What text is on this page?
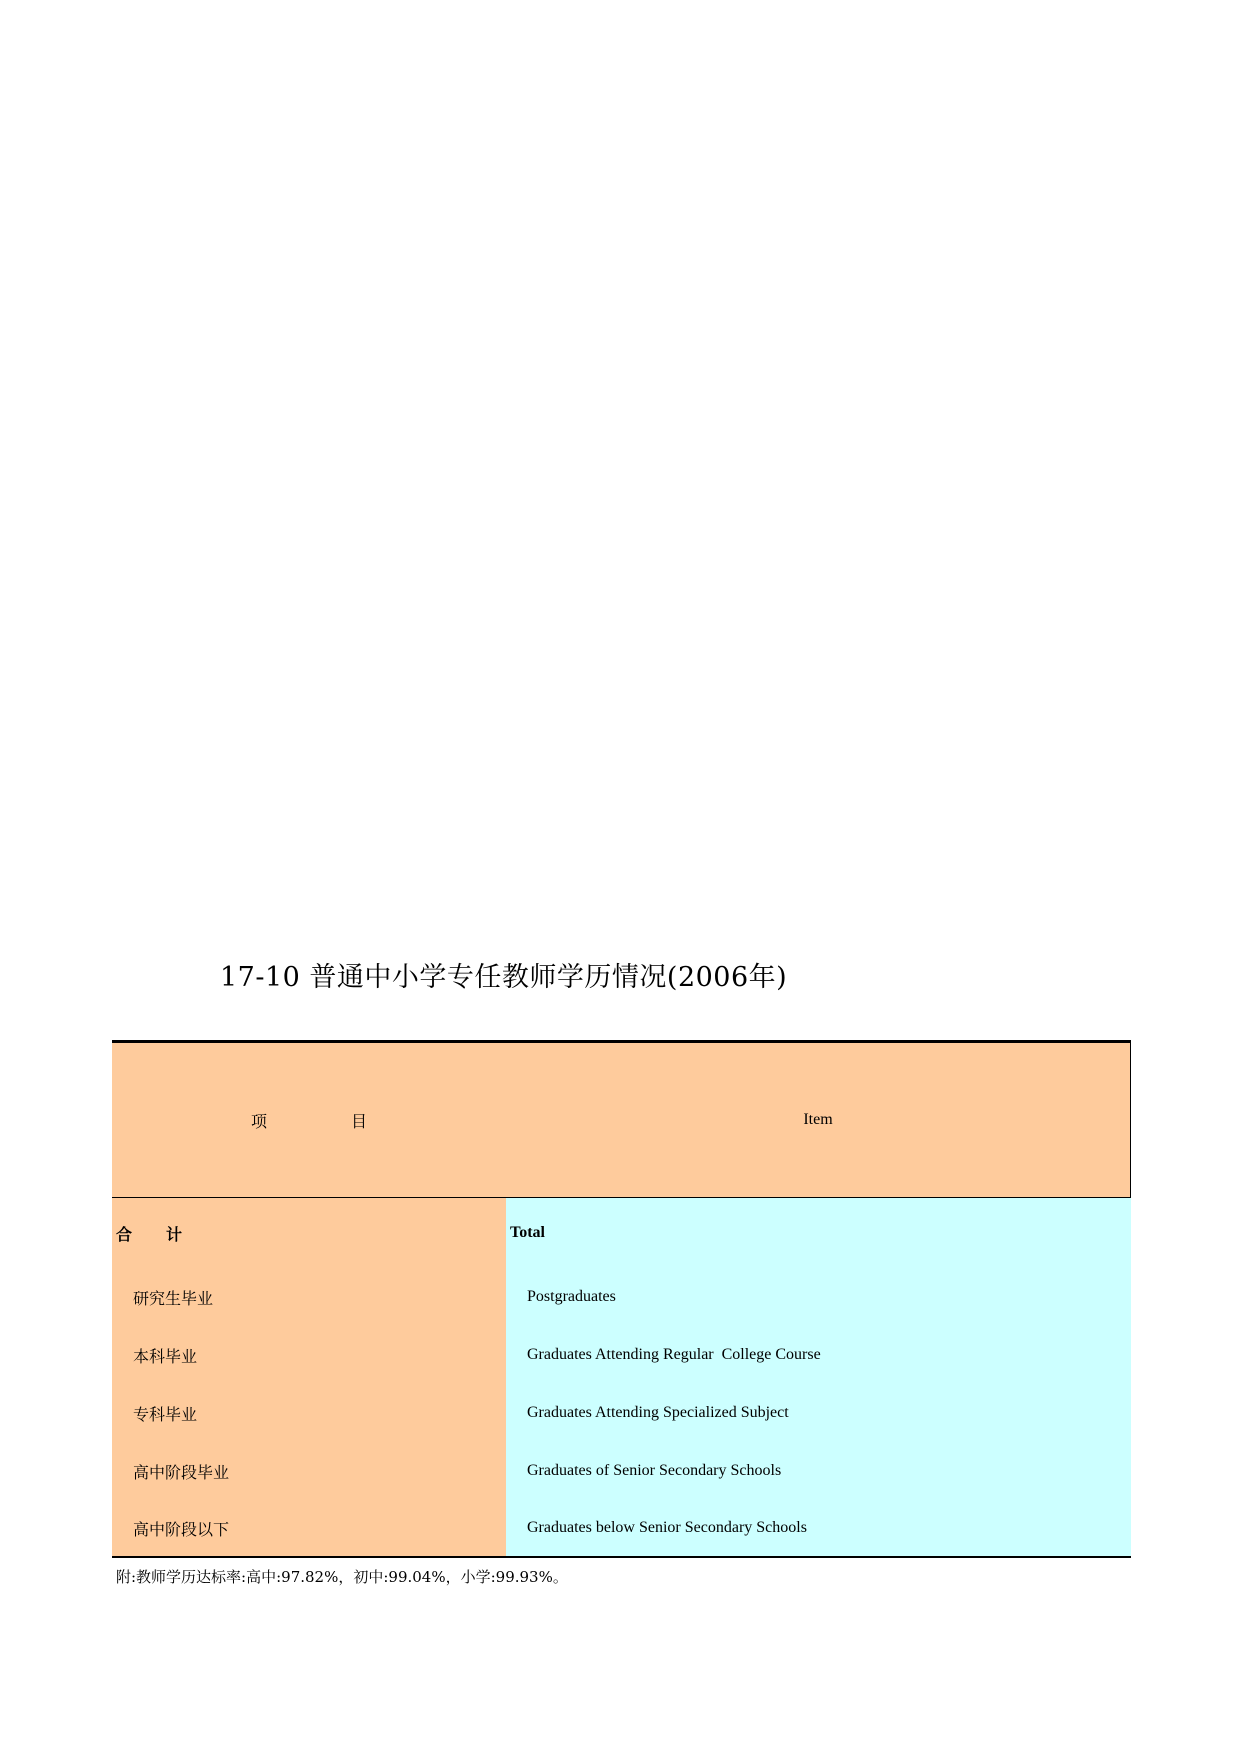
17-10 普通中小学专任教师学历情况(2006年)
项	目	Item
合 计
研究生毕业
本科毕业
专科毕业
高中阶段毕业
高中阶段以下
Total
Postgraduates
Graduates Attending Regular  College Course
Graduates Attending Specialized Subject
Graduates of Senior Secondary Schools
Graduates below Senior Secondary Schools
附:教师学历达标率:高中:97.82%，初中:99.04%，小学:99.93%。
